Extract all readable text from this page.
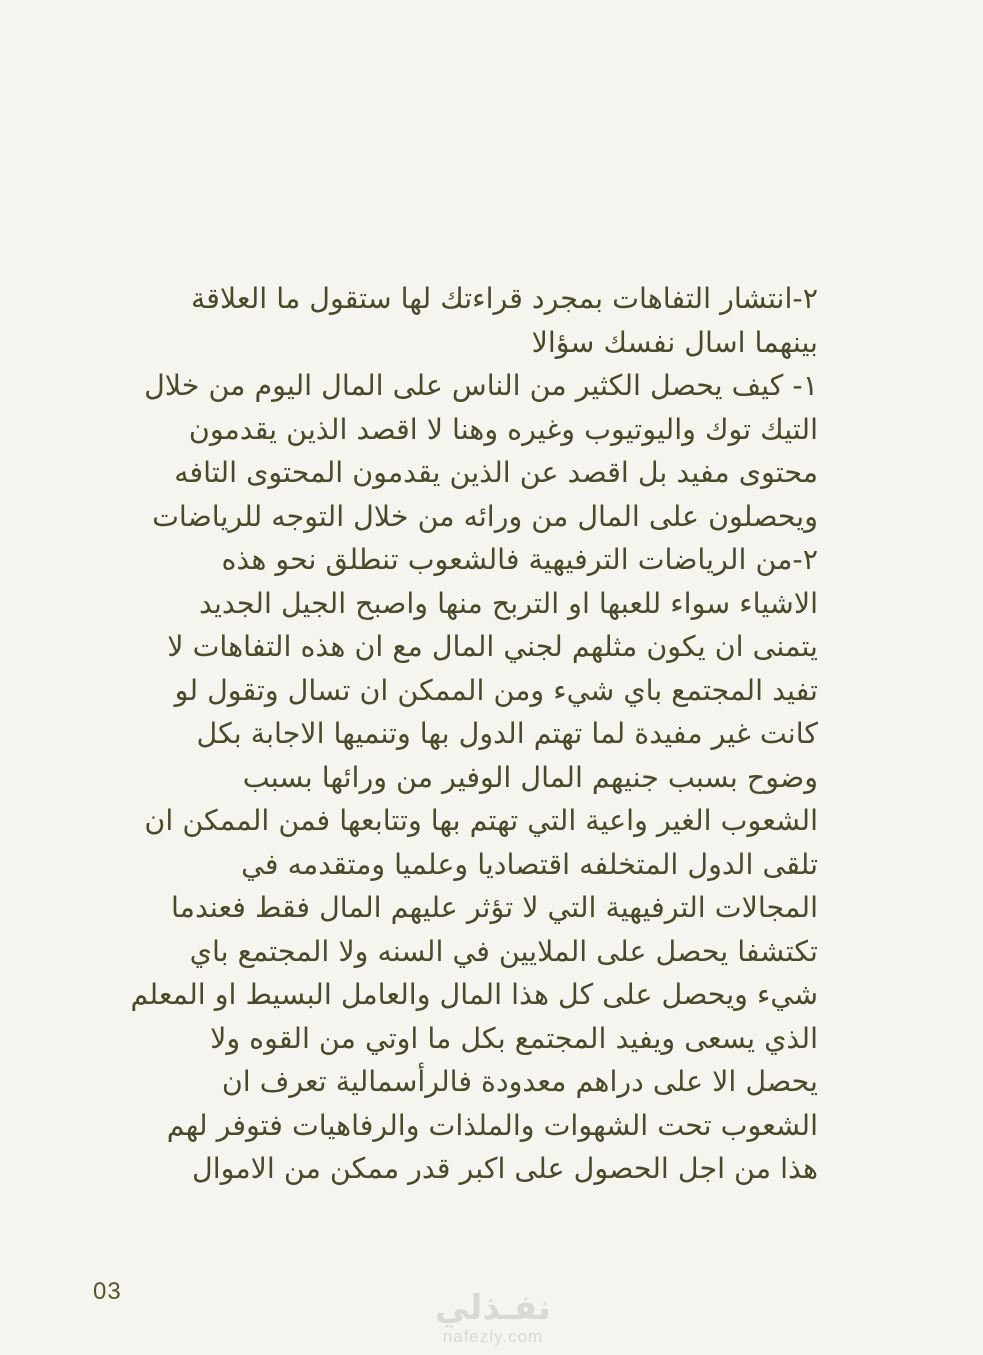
٢-انتشار التفاهات بمجرد قراءتك لها ستقول ما العلاقة
بينهما اسال نفسك سؤالا
١- كيف يحصل الكثير من الناس على المال اليوم من خلال
التيك توك واليوتيوب وغيره وهنا لا اقصد الذين يقدمون
محتوى مفيد بل اقصد عن الذين يقدمون المحتوى التافه
ويحصلون على المال من ورائه من خلال التوجه للرياضات
٢-من الرياضات الترفيهية فالشعوب تنطلق نحو هذه
الاشياء سواء للعبها او التربح منها واصبح الجيل الجديد
يتمنى ان يكون مثلهم لجني المال مع ان هذه التفاهات لا
تفيد المجتمع باي شيء ومن الممكن ان تسال وتقول لو
كانت غير مفيدة لما تهتم الدول بها وتنميها الاجابة بكل
وضوح بسبب جنيهم المال الوفير من ورائها بسبب
الشعوب الغير واعية التي تهتم بها وتتابعها فمن الممكن ان
تلقى الدول المتخلفه اقتصاديا وعلميا ومتقدمه في
المجالات الترفيهية التي لا تؤثر عليهم المال فقط فعندما
تكتشفا يحصل على الملايين في السنه ولا المجتمع باي
شيء ويحصل على كل هذا المال والعامل البسيط او المعلم
الذي يسعى ويفيد المجتمع بكل ما اوتي من القوه ولا
يحصل الا على دراهم معدودة فالرأسمالية تعرف ان
الشعوب تحت الشهوات والملذات والرفاهيات فتوفر لهم
هذا من اجل الحصول على اكبر قدر ممكن من الاموال
03	نفـذلي
nafezly.com
